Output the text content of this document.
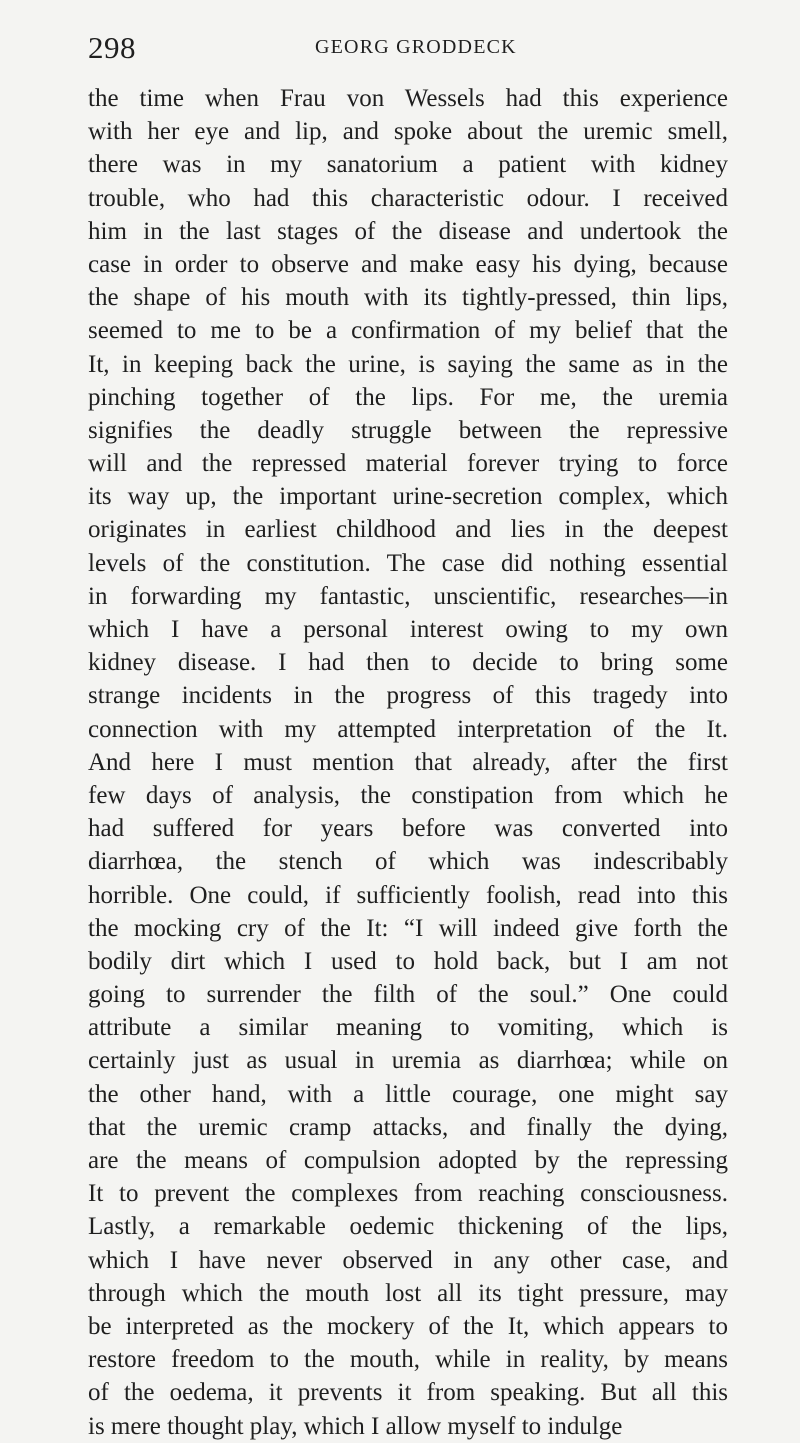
298	GEORG GRODDECK
the time when Frau von Wessels had this experience
with her eye and lip, and spoke about the uremic smell,
there was in my sanatorium a patient with kidney
trouble, who had this characteristic odour. I received
him in the last stages of the disease and undertook the
case in order to observe and make easy his dying, because
the shape of his mouth with its tightly-pressed, thin lips,
seemed to me to be a confirmation of my belief that the
It, in keeping back the urine, is saying the same as in the
pinching together of the lips. For me, the uremia
signifies the deadly struggle between the repressive
will and the repressed material forever trying to force
its way up, the important urine-secretion complex, which
originates in earliest childhood and lies in the deepest
levels of the constitution. The case did nothing essential
in forwarding my fantastic, unscientific, researches—in
which I have a personal interest owing to my own
kidney disease. I had then to decide to bring some
strange incidents in the progress of this tragedy into
connection with my attempted interpretation of the It.
And here I must mention that already, after the first
few days of analysis, the constipation from which he
had suffered for years before was converted into
diarrhœa, the stench of which was indescribably
horrible. One could, if sufficiently foolish, read into this
the mocking cry of the It: “I will indeed give forth the
bodily dirt which I used to hold back, but I am not
going to surrender the filth of the soul.” One could
attribute a similar meaning to vomiting, which is
certainly just as usual in uremia as diarrhœa; while on
the other hand, with a little courage, one might say
that the uremic cramp attacks, and finally the dying,
are the means of compulsion adopted by the repressing
It to prevent the complexes from reaching consciousness.
Lastly, a remarkable oedemic thickening of the lips,
which I have never observed in any other case, and
through which the mouth lost all its tight pressure, may
be interpreted as the mockery of the It, which appears to
restore freedom to the mouth, while in reality, by means
of the oedema, it prevents it from speaking. But all this
is mere thought play, which I allow myself to indulge
